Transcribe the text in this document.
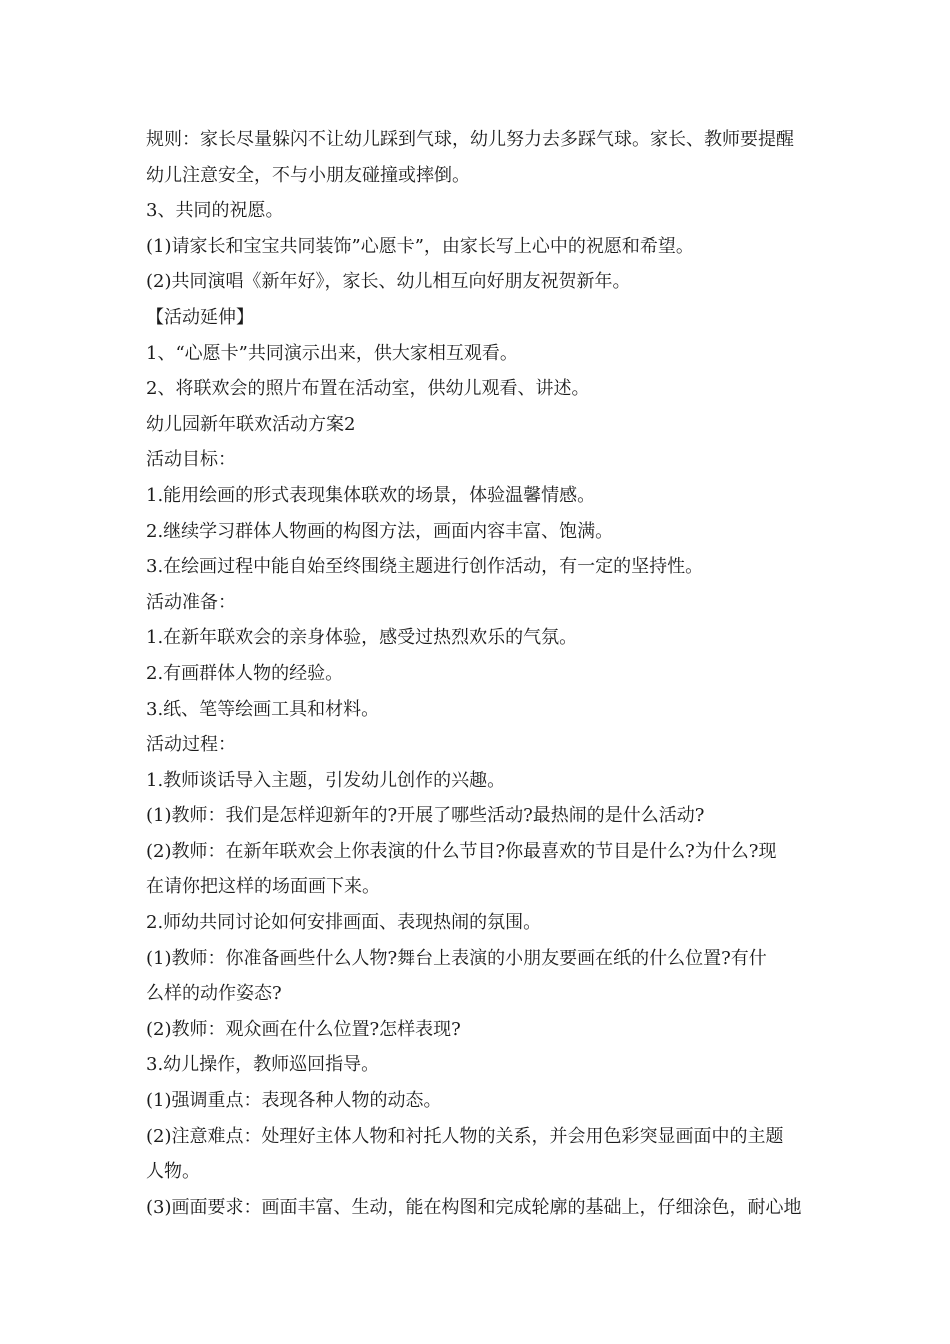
规则：家长尽量躲闪不让幼儿踩到气球，幼儿努力去多踩气球。家长、教师要提醒
幼儿注意安全，不与小朋友碰撞或摔倒。
3、共同的祝愿。
(1)请家长和宝宝共同装饰”心愿卡”，由家长写上心中的祝愿和希望。
(2)共同演唱《新年好》，家长、幼儿相互向好朋友祝贺新年。
【活动延伸】
1、“心愿卡”共同演示出来，供大家相互观看。
2、将联欢会的照片布置在活动室，供幼儿观看、讲述。
幼儿园新年联欢活动方案2
活动目标：
1.能用绘画的形式表现集体联欢的场景，体验温馨情感。
2.继续学习群体人物画的构图方法，画面内容丰富、饱满。
3.在绘画过程中能自始至终围绕主题进行创作活动，有一定的坚持性。
活动准备：
1.在新年联欢会的亲身体验，感受过热烈欢乐的气氛。
2.有画群体人物的经验。
3.纸、笔等绘画工具和材料。
活动过程：
1.教师谈话导入主题，引发幼儿创作的兴趣。
(1)教师：我们是怎样迎新年的?开展了哪些活动?最热闹的是什么活动?
(2)教师：在新年联欢会上你表演的什么节目?你最喜欢的节目是什么?为什么?现
在请你把这样的场面画下来。
2.师幼共同讨论如何安排画面、表现热闹的氛围。
(1)教师：你准备画些什么人物?舞台上表演的小朋友要画在纸的什么位置?有什
么样的动作姿态?
(2)教师：观众画在什么位置?怎样表现?
3.幼儿操作，教师巡回指导。
(1)强调重点：表现各种人物的动态。
(2)注意难点：处理好主体人物和衬托人物的关系，并会用色彩突显画面中的主题
人物。
(3)画面要求：画面丰富、生动，能在构图和完成轮廓的基础上，仔细涂色，耐心地
